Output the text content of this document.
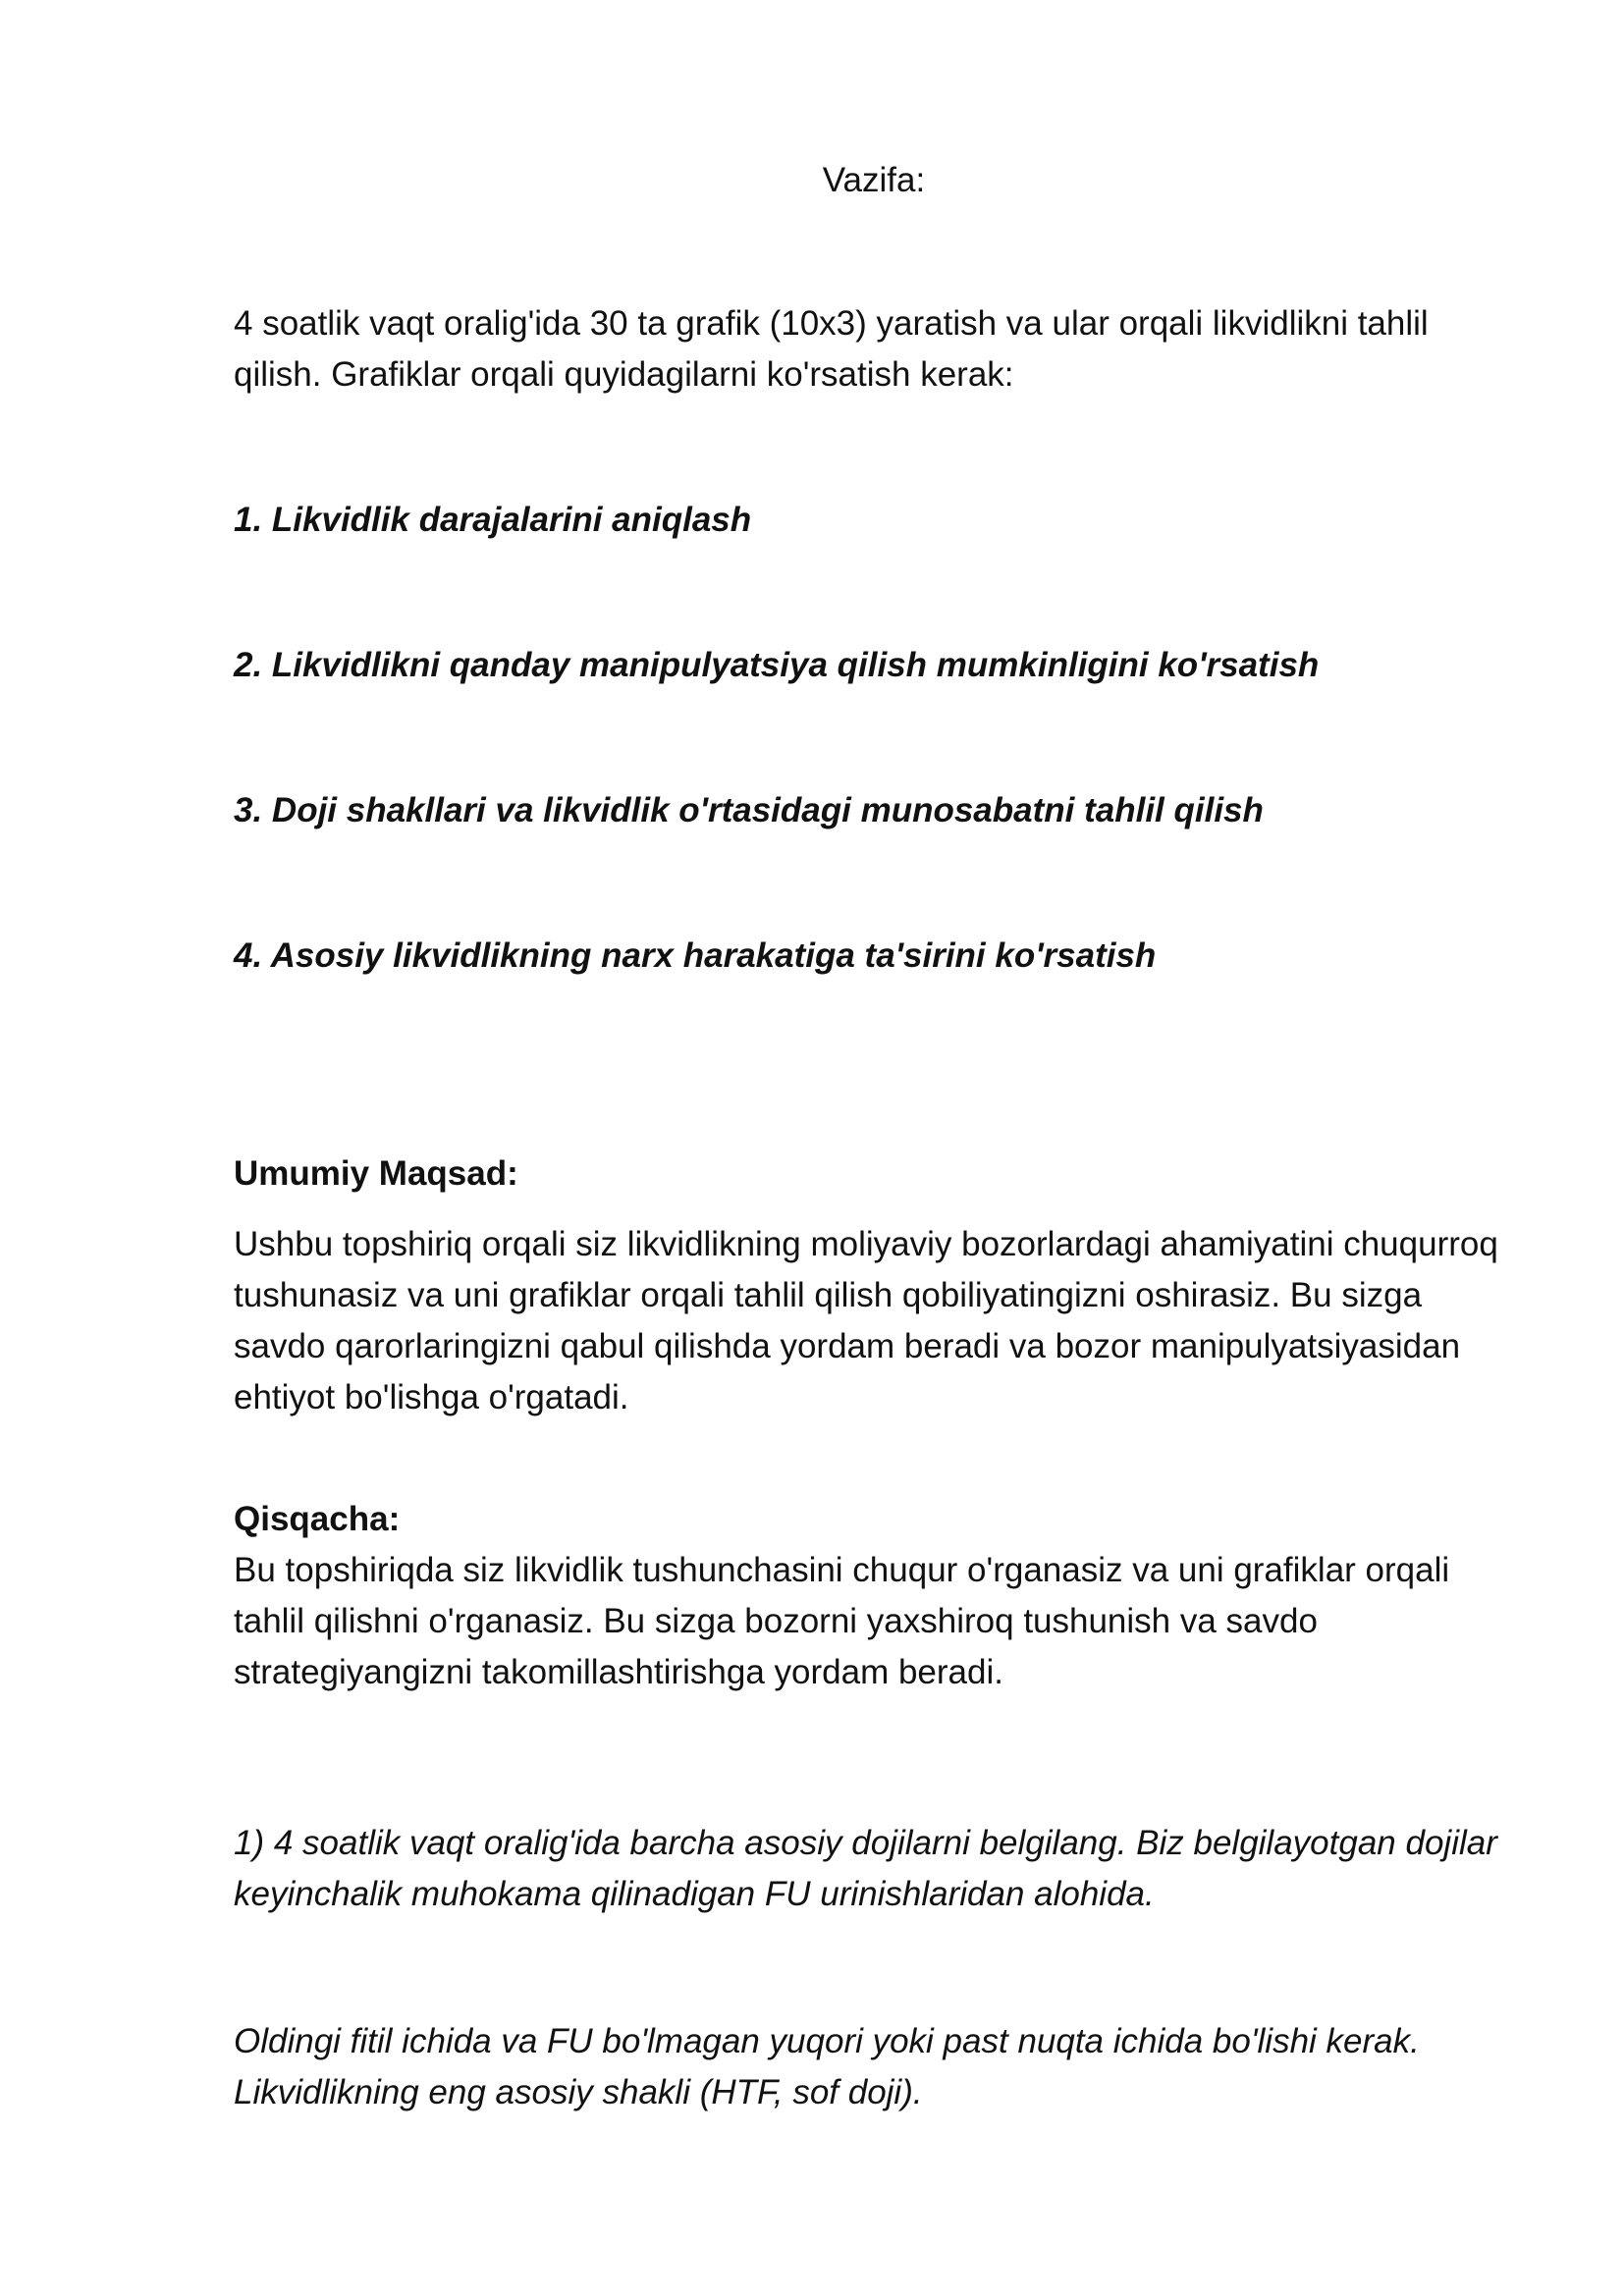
Vazifa:

4 soatlik vaqt oralig'ida 30 ta grafik (10x3) yaratish va ular orqali likvidlikni tahlil qilish. Grafiklar orqali quyidagilarni ko'rsatish kerak:

1. Likvidlik darajalarini aniqlash

2. Likvidlikni qanday manipulyatsiya qilish mumkinligini ko'rsatish

3. Doji shakllari va likvidlik o'rtasidagi munosabatni tahlil qilish

4. Asosiy likvidlikning narx harakatiga ta'sirini ko'rsatish

Umumiy Maqsad:

Ushbu topshiriq orqali siz likvidlikning moliyaviy bozorlardagi ahamiyatini chuqurroq tushunasiz va uni grafiklar orqali tahlil qilish qobiliyatingizni oshirasiz. Bu sizga savdo qarorlaringizni qabul qilishda yordam beradi va bozor manipulyatsiyasidan ehtiyot bo'lishga o'rgatadi.

Qisqacha:

Bu topshiriqda siz likvidlik tushunchasini chuqur o'rganasiz va uni grafiklar orqali tahlil qilishni o'rganasiz. Bu sizga bozorni yaxshiroq tushunish va savdo strategiyangizni takomillashtirishga yordam beradi.

1) 4 soatlik vaqt oralig'ida barcha asosiy dojilarni belgilang. Biz belgilayotgan dojilar keyinchalik muhokama qilinadigan FU urinishlaridan alohida.

Oldingi fitil ichida va FU bo'lmagan yuqori yoki past nuqta ichida bo'lishi kerak. Likvidlikning eng asosiy shakli (HTF, sof doji).
